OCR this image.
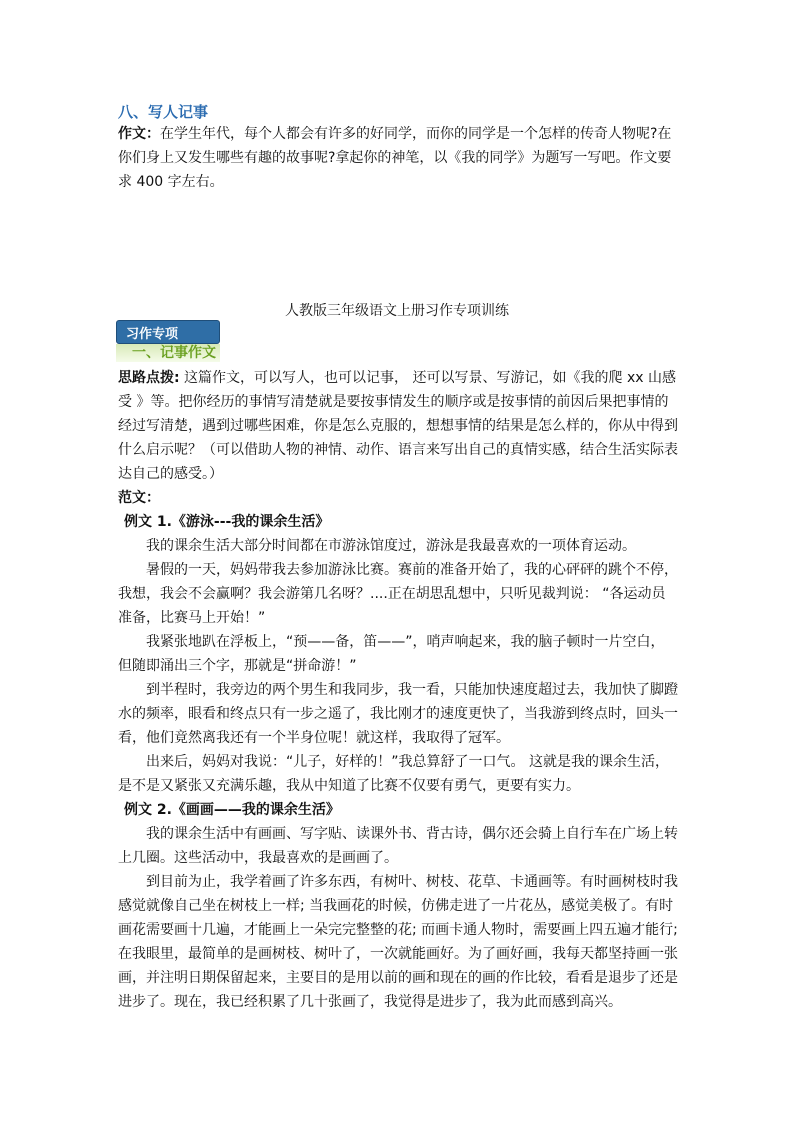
八、写人记事

作文：在学生年代，每个人都会有许多的好同学，而你的同学是一个怎样的传奇人物呢?在你们身上又发生哪些有趣的故事呢?拿起你的神笔，以《我的同学》为题写一写吧。作文要求 400 字左右。

人教版三年级语文上册习作专项训练
习作专项
一、记事作文

思路点拨: 这篇作文，可以写人，也可以记事， 还可以写景、写游记，如《我的爬 xx 山感受 》等。把你经历的事情写清楚就是要按事情发生的顺序或是按事情的前因后果把事情的经过写清楚，遇到过哪些困难，你是怎么克服的，想想事情的结果是怎么样的，你从中得到什么启示呢？（可以借助人物的神情、动作、语言来写出自己的真情实感，结合生活实际表达自己的感受。）

范文：

例文 1.《游泳---我的课余生活》

我的课余生活大部分时间都在市游泳馆度过，游泳是我最喜欢的一项体育运动。

暑假的一天，妈妈带我去参加游泳比赛。赛前的准备开始了，我的心砰砰的跳个不停，我想，我会不会赢啊？我会游第几名呀？....正在胡思乱想中，只听见裁判说： “各运动员准备，比赛马上开始！”

我紧张地趴在浮板上，“预——备，笛——”，哨声响起来，我的脑子顿时一片空白，但随即涌出三个字，那就是“拼命游！”

到半程时，我旁边的两个男生和我同步，我一看，只能加快速度超过去，我加快了脚蹬水的频率，眼看和终点只有一步之遥了，我比刚才的速度更快了，当我游到终点时，回头一看，他们竟然离我还有一个半身位呢！就这样，我取得了冠军。

出来后，妈妈对我说：“儿子，好样的！”我总算舒了一口气。 这就是我的课余生活，是不是又紧张又充满乐趣，我从中知道了比赛不仅要有勇气，更要有实力。

例文 2.《画画——我的课余生活》

我的课余生活中有画画、写字贴、读课外书、背古诗，偶尔还会骑上自行车在广场上转上几圈。这些活动中，我最喜欢的是画画了。

到目前为止，我学着画了许多东西，有树叶、树枝、花草、卡通画等。有时画树枝时我感觉就像自己坐在树枝上一样; 当我画花的时候，仿佛走进了一片花丛，感觉美极了。有时画花需要画十几遍，才能画上一朵完完整整的花; 而画卡通人物时，需要画上四五遍才能行; 在我眼里，最简单的是画树枝、树叶了，一次就能画好。为了画好画，我每天都坚持画一张画，并注明日期保留起来，主要目的是用以前的画和现在的画的作比较，看看是退步了还是进步了。现在，我已经积累了几十张画了，我觉得是进步了，我为此而感到高兴。
